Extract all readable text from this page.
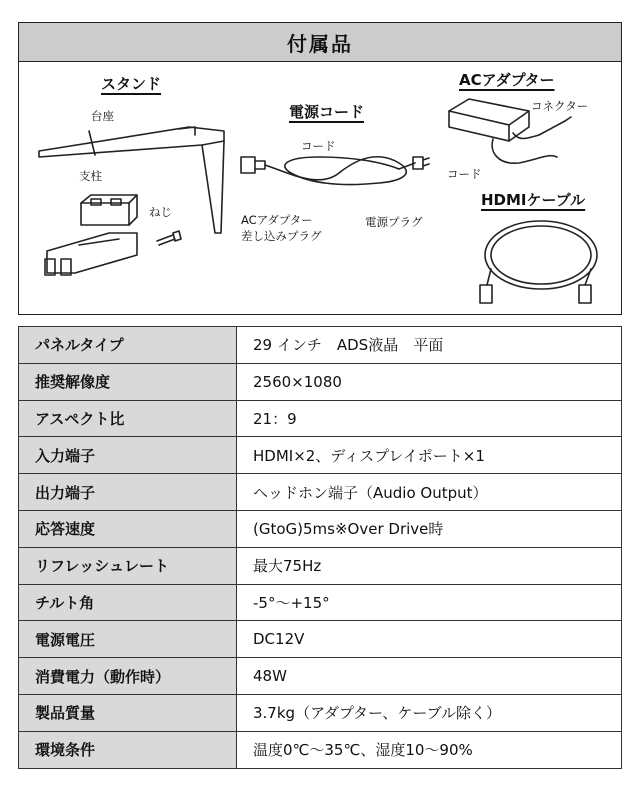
付属品
スタンド
電源コード
ACアダプター
HDMIケーブル
台座
支柱
ねじ
コード
ACアダプター
差し込みプラグ
電源プラグ
コネクター
コード
パネルタイプ	29 インチ　ADS液晶　平面
推奨解像度	2560×1080
アスペクト比	21：9
入力端子	HDMI×2、ディスプレイポート×1
出力端子	ヘッドホン端子（Audio Output）
応答速度	(GtoG)5ms※Over Drive時
リフレッシュレート	最大75Hz
チルト角	-5°～+15°
電源電圧	DC12V
消費電力（動作時）	48W
製品質量	3.7kg（アダプター、ケーブル除く）
環境条件	温度0℃～35℃、湿度10～90%
